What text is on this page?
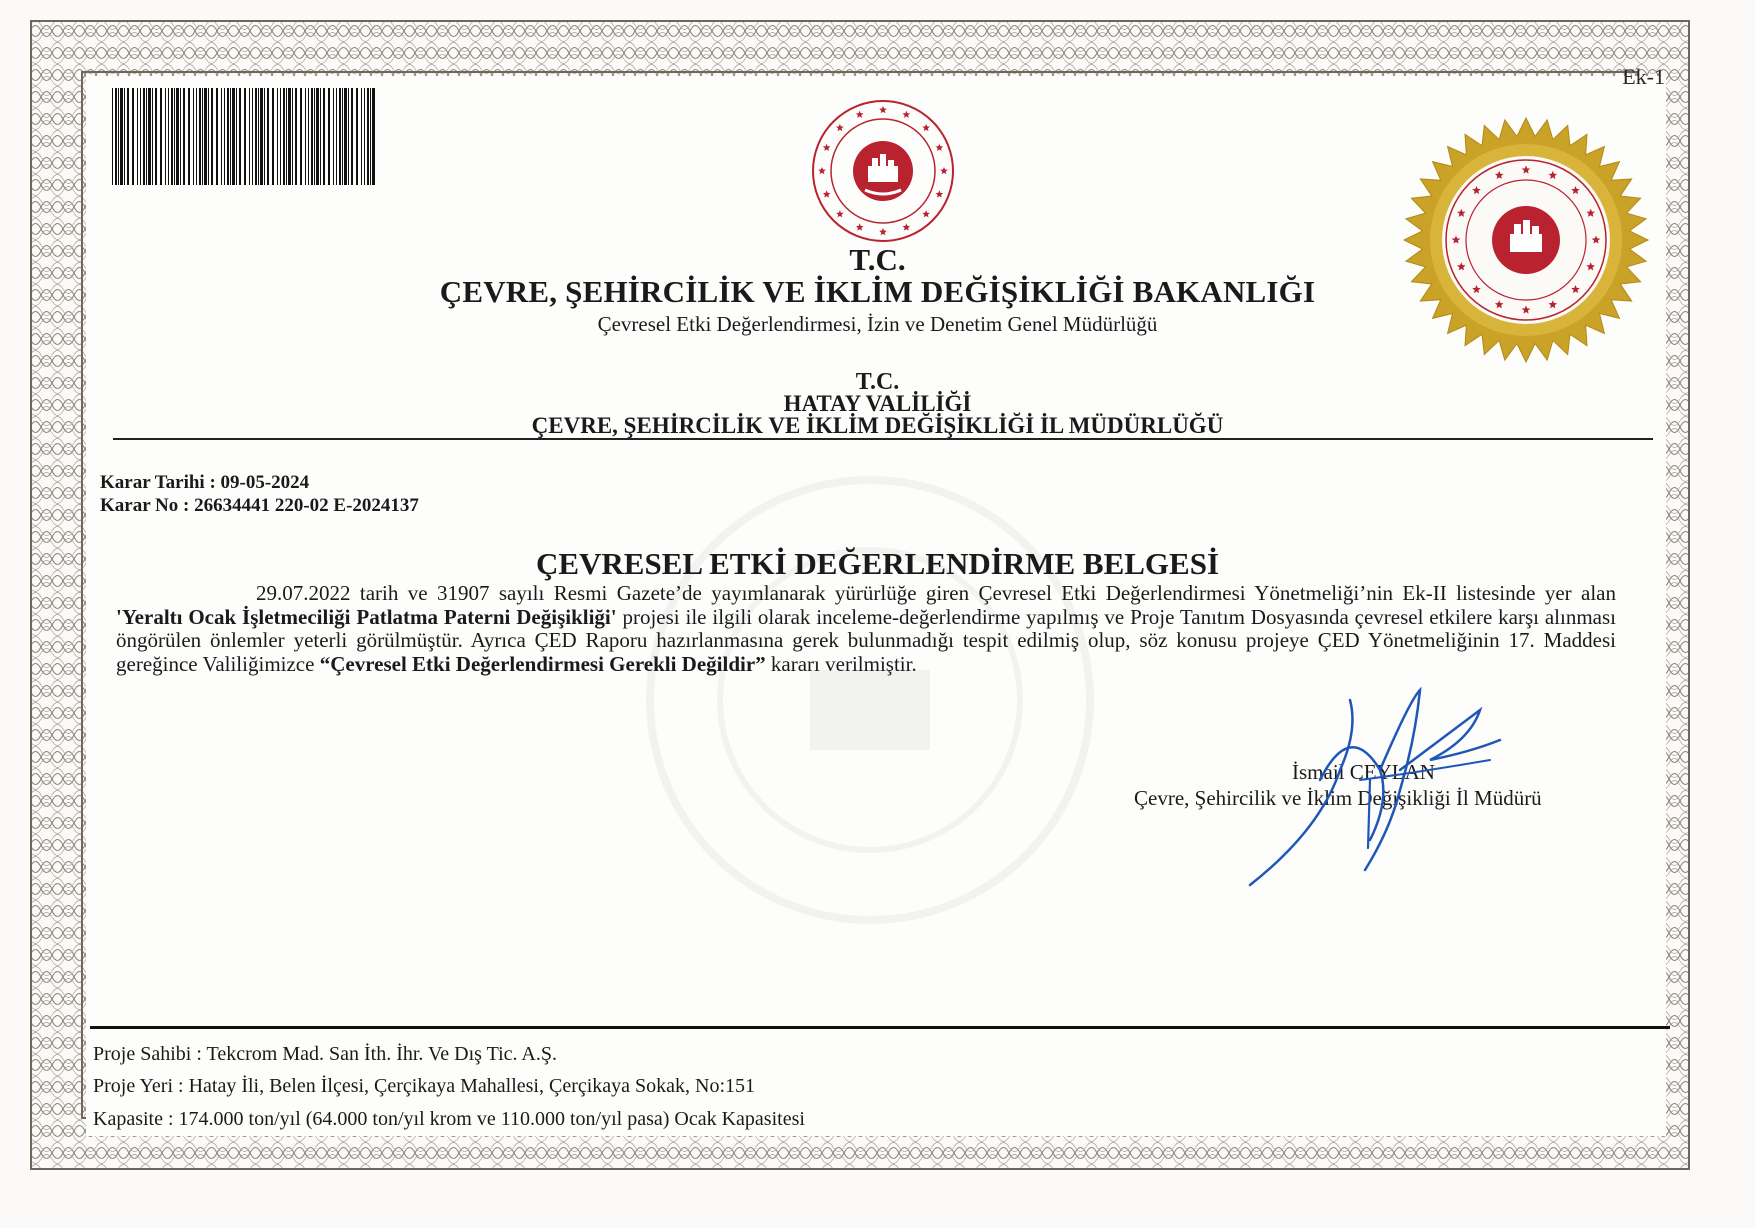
Ek-1
T.C.
ÇEVRE, ŞEHİRCİLİK VE İKLİM DEĞİŞİKLİĞİ BAKANLIĞI
Çevresel Etki Değerlendirmesi, İzin ve Denetim Genel Müdürlüğü
T.C.
HATAY VALİLİĞİ
ÇEVRE, ŞEHİRCİLİK VE İKLİM DEĞİŞİKLİĞİ İL MÜDÜRLÜĞÜ
Karar Tarihi : 09-05-2024
Karar No : 26634441 220-02 E-2024137
ÇEVRESEL ETKİ DEĞERLENDİRME BELGESİ
29.07.2022 tarih ve 31907 sayılı Resmi Gazete’de yayımlanarak yürürlüğe giren Çevresel Etki Değerlendirmesi Yönetmeliği’nin Ek-II listesinde yer alan 'Yeraltı Ocak İşletmeciliği Patlatma Paterni Değişikliği' projesi ile ilgili olarak inceleme-değerlendirme yapılmış ve Proje Tanıtım Dosyasında çevresel etkilere karşı alınması öngörülen önlemler yeterli görülmüştür. Ayrıca ÇED Raporu hazırlanmasına gerek bulunmadığı tespit edilmiş olup, söz konusu projeye ÇED Yönetmeliğinin 17. Maddesi gereğince Valiliğimizce “Çevresel Etki Değerlendirmesi Gerekli Değildir” kararı verilmiştir.
İsmail CEYLAN
Çevre, Şehircilik ve İklim Değişikliği İl Müdürü
Proje Sahibi : Tekcrom Mad. San İth. İhr. Ve Dış Tic. A.Ş.
Proje Yeri : Hatay İli, Belen İlçesi, Çerçikaya Mahallesi, Çerçikaya Sokak, No:151
Kapasite : 174.000 ton/yıl (64.000 ton/yıl krom ve 110.000 ton/yıl pasa) Ocak Kapasitesi
